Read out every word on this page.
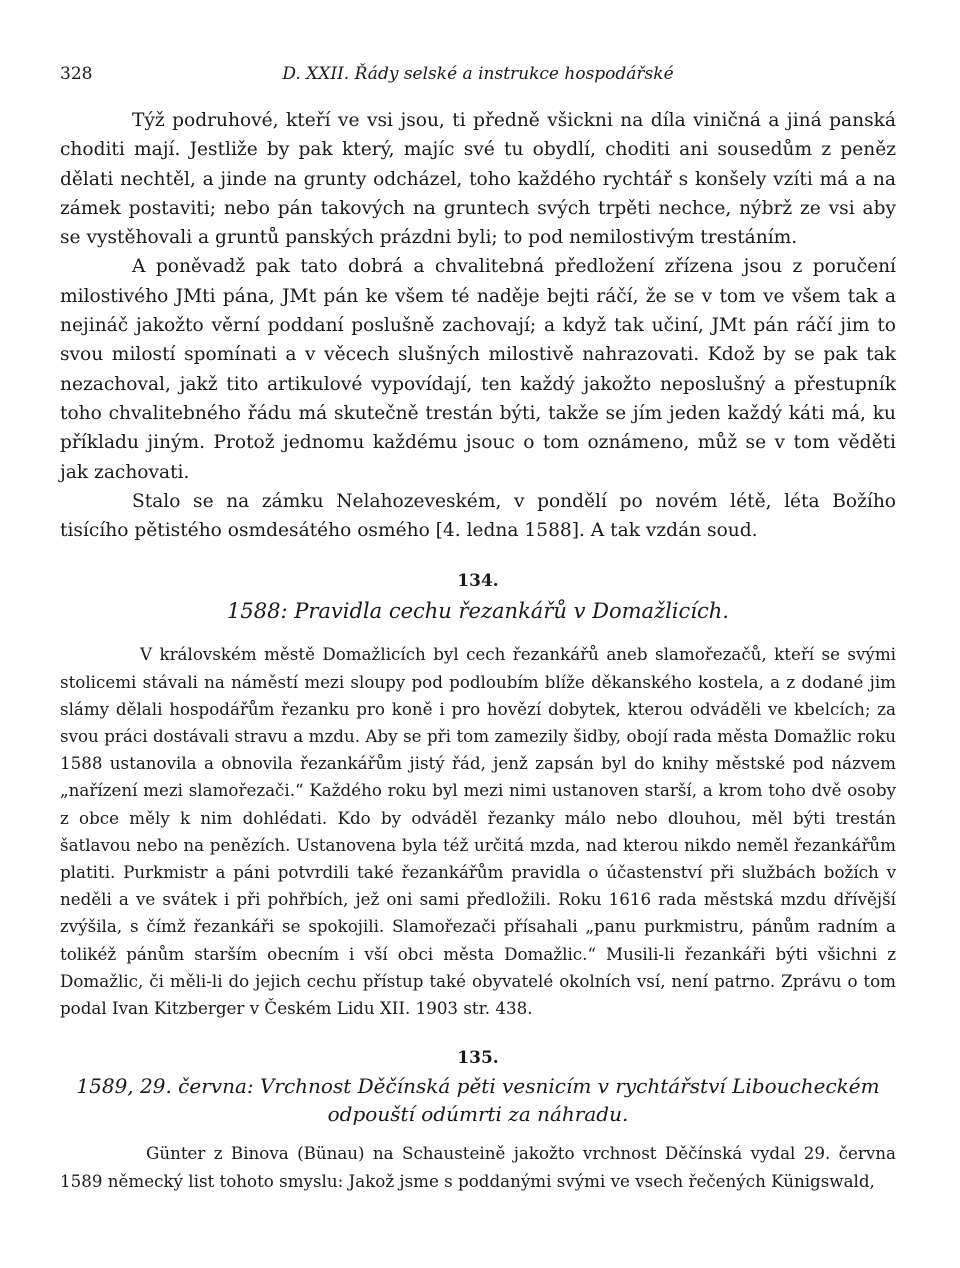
328	D. XXII. Řády selské a instrukce hospodářské

Týž podruhové, kteří ve vsi jsou, ti předně všickni na díla viničná a jiná panská choditi mají. Jestliže by pak který, majíc své tu obydlí, choditi ani sousedům z peněz dělati nechtěl, a jinde na grunty odcházel, toho každého rychtář s konšely vzíti má a na zámek postaviti; nebo pán takových na gruntech svých trpěti nechce, nýbrž ze vsi aby se vystěhovali a gruntů panských prázdni byli; to pod nemilostivým trestáním.

A poněvadž pak tato dobrá a chvalitebná předložení zřízena jsou z poručení milostivého JMti pána, JMt pán ke všem té naděje bejti ráčí, že se v tom ve všem tak a nejináč jakožto věrní poddaní poslušně zachovají; a když tak učiní, JMt pán ráčí jim to svou milostí spomínati a v věcech slušných milostivě nahrazovati. Kdož by se pak tak nezachoval, jakž tito artikulové vypovídají, ten každý jakožto neposlušný a přestupník toho chvalitebného řádu má skutečně trestán býti, takže se jím jeden každý káti má, ku příkladu jiným. Protož jednomu každému jsouc o tom oznámeno, můž se v tom věděti jak zachovati.

Stalo se na zámku Nelahozeveském, v pondělí po novém létě, léta Božího tisícího pětistého osmdesátého osmého [4. ledna 1588]. A tak vzdán soud.

134.
1588: Pravidla cechu řezankářů v Domažlicích.

V královském městě Domažlicích byl cech řezankářů aneb slamořezačů, kteří se svými stolicemi stávali na náměstí mezi sloupy pod podloubím blíže děkanského kostela, a z dodané jim slámy dělali hospodářům řezanku pro koně i pro hovězí dobytek, kterou odváděli ve kbelcích; za svou práci dostávali stravu a mzdu. Aby se při tom zamezily šidby, obojí rada města Domažlic roku 1588 ustanovila a obnovila řezankářům jistý řád, jenž zapsán byl do knihy městské pod názvem „nařízení mezi slamořezači.“ Každého roku byl mezi nimi ustanoven starší, a krom toho dvě osoby z obce měly k nim dohlédati. Kdo by odváděl řezanky málo nebo dlouhou, měl býti trestán šatlavou nebo na penězích. Ustanovena byla též určitá mzda, nad kterou nikdo neměl řezankářům platiti. Purkmistr a páni potvrdili také řezankářům pravidla o účastenství při službách božích v neděli a ve svátek i při pohřbích, jež oni sami předložili. Roku 1616 rada městská mzdu dřívější zvýšila, s čímž řezankáři se spokojili. Slamořezači přísahali „panu purkmistru, pánům radním a tolikéž pánům starším obecním i vší obci města Domažlic.“ Musili-li řezankáři býti všichni z Domažlic, či měli-li do jejich cechu přístup také obyvatelé okolních vsí, není patrno. Zprávu o tom podal Ivan Kitzberger v Českém Lidu XII. 1903 str. 438.

135.
1589, 29. června: Vrchnost Děčínská pěti vesnicím v rychtářství Liboucheckém
odpouští odúmrti za náhradu.

Günter z Binova (Bünau) na Schausteině jakožto vrchnost Děčínská vydal 29. června 1589 německý list tohoto smyslu: Jakož jsme s poddanými svými ve vsech řečených Künigswald,
